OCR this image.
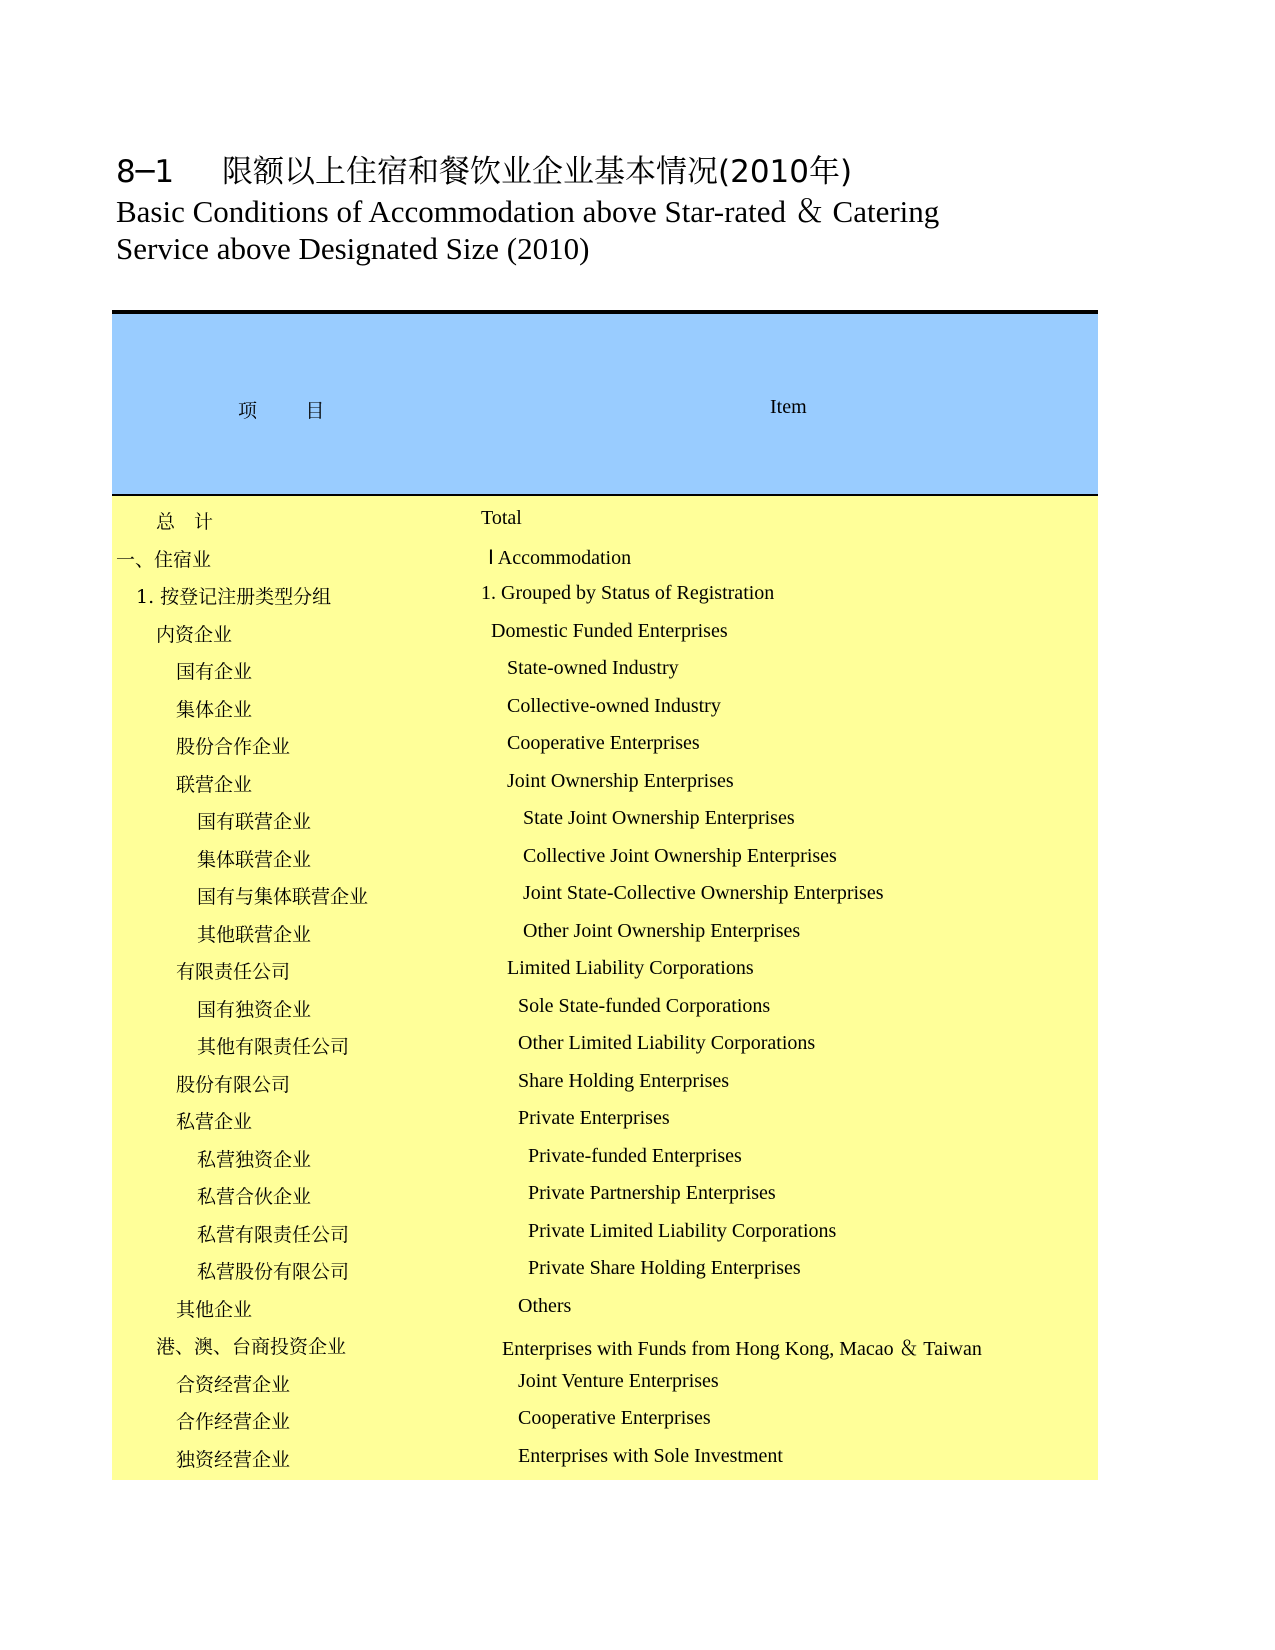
8─1 限额以上住宿和餐饮业企业基本情况(2010年)
Basic Conditions of Accommodation above Star-rated ＆ Catering Service above Designated Size (2010)
项        目	Item
总　计	Total
一、住宿业	Ⅰ Accommodation
1. 按登记注册类型分组	1. Grouped by Status of Registration
内资企业	Domestic Funded Enterprises
国有企业	State-owned Industry
集体企业	Collective-owned Industry
股份合作企业	Cooperative Enterprises
联营企业	Joint Ownership Enterprises
国有联营企业	State Joint Ownership Enterprises
集体联营企业	Collective Joint Ownership Enterprises
国有与集体联营企业	Joint State-Collective Ownership Enterprises
其他联营企业	Other Joint Ownership Enterprises
有限责任公司	Limited Liability Corporations
国有独资企业	Sole State-funded Corporations
其他有限责任公司	Other Limited Liability Corporations
股份有限公司	Share Holding Enterprises
私营企业	Private Enterprises
私营独资企业	Private-funded Enterprises
私营合伙企业	Private Partnership Enterprises
私营有限责任公司	Private Limited Liability Corporations
私营股份有限公司	Private Share Holding Enterprises
其他企业	Others
港、澳、台商投资企业	Enterprises with Funds from Hong Kong, Macao ＆ Taiwan
合资经营企业	Joint Venture Enterprises
合作经营企业	Cooperative Enterprises
独资经营企业	Enterprises with Sole Investment
